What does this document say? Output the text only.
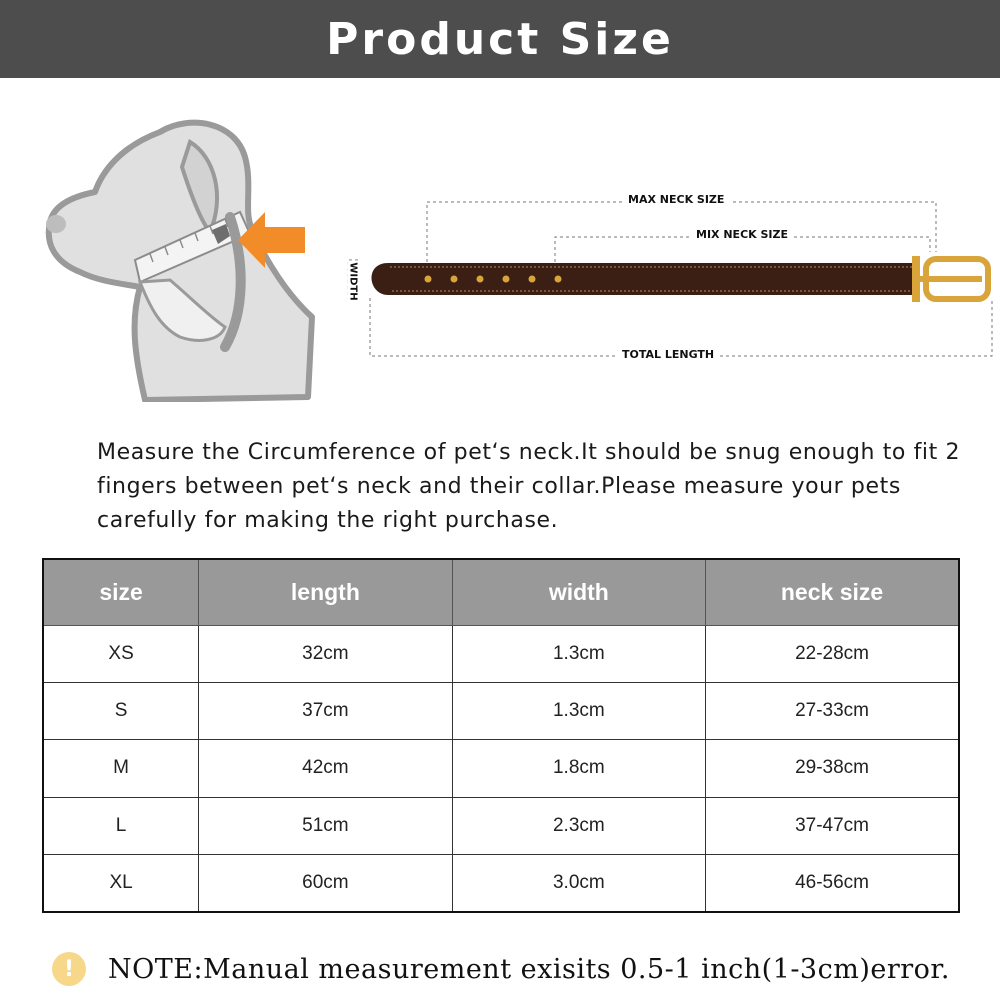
Product Size
MAX NECK SIZE
MIX NECK SIZE
TOTAL LENGTH
WIDTH

Measure the Circumference of pet‘s neck.It should be snug enough to fit 2 fingers between pet‘s neck and their collar.Please measure your pets carefully for making the right purchase.

size	length	width	neck size
XS	32cm	1.3cm	22-28cm
S	37cm	1.3cm	27-33cm
M	42cm	1.8cm	29-38cm
L	51cm	2.3cm	37-47cm
XL	60cm	3.0cm	46-56cm
!	NOTE:Manual measurement exisits 0.5-1 inch(1-3cm)error.
